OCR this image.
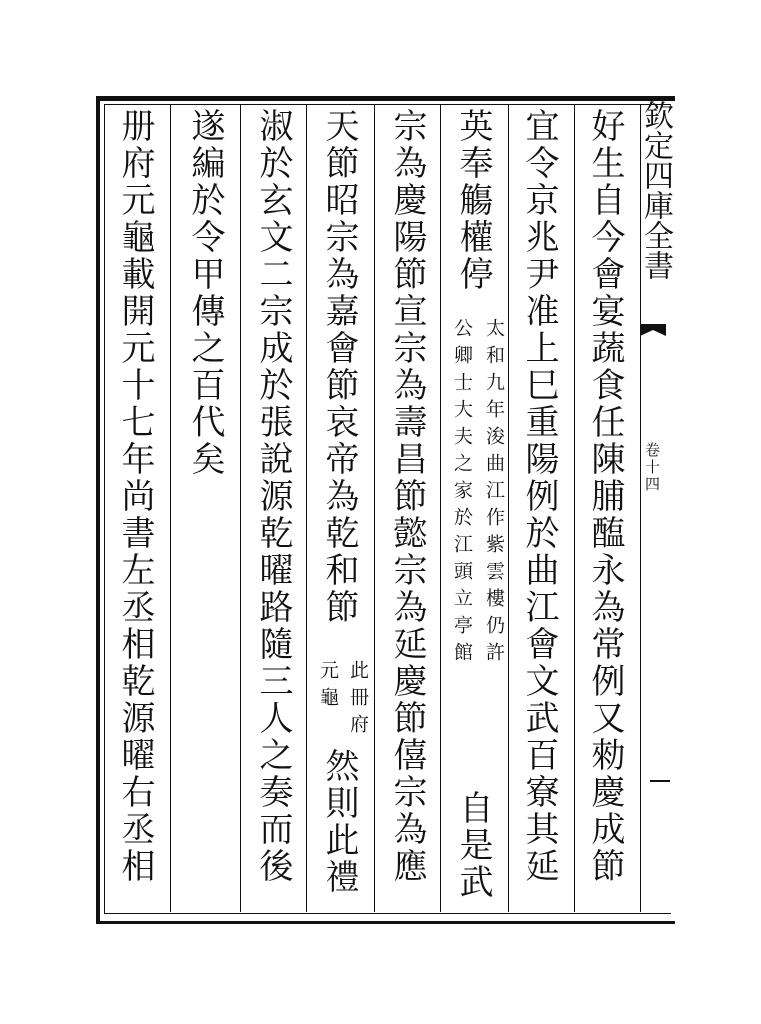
欽定四庫全書
卷十四
好生自今會宴蔬食任陳脯醢永為常例又勑慶成節
宜令京兆尹准上巳重陽例於曲江會文武百寮其延
英奉觴權停
太和九年浚曲江作紫雲樓仍許
公卿士大夫之家於江頭立亭館
自是武
宗為慶陽節宣宗為壽昌節懿宗為延慶節僖宗為應
天節昭宗為嘉會節哀帝為乾和節
此冊府
元龜
然則此禮
淑於玄文二宗成於張說源乾曜路隨三人之奏而後
遂編於令甲傳之百代矣
册府元龜載開元十七年尚書左丞相乾源曜右丞相
